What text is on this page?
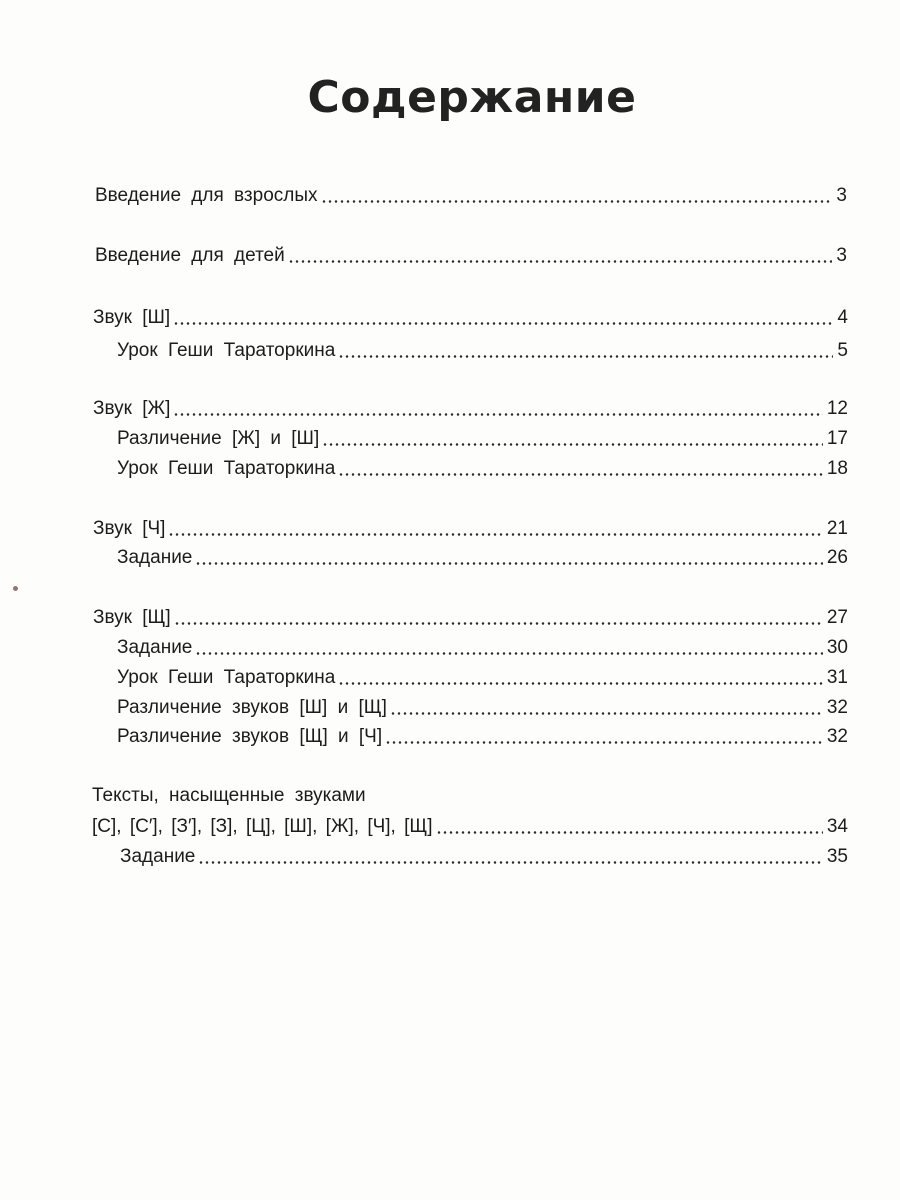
Содержание
Введение для взрослых	3
Введение для детей	3
Звук [Ш]	4
Урок Геши Тараторкина	5
Звук [Ж]	12
Различение [Ж] и [Ш]	17
Урок Геши Тараторкина	18
Звук [Ч]	21
Задание	26
Звук [Щ]	27
Задание	30
Урок Геши Тараторкина	31
Различение звуков [Ш] и [Щ]	32
Различение звуков [Щ] и [Ч]	32
Тексты, насыщенные звуками
[С], [С′], [З′], [З], [Ц], [Ш], [Ж], [Ч], [Щ]	34
Задание	35
